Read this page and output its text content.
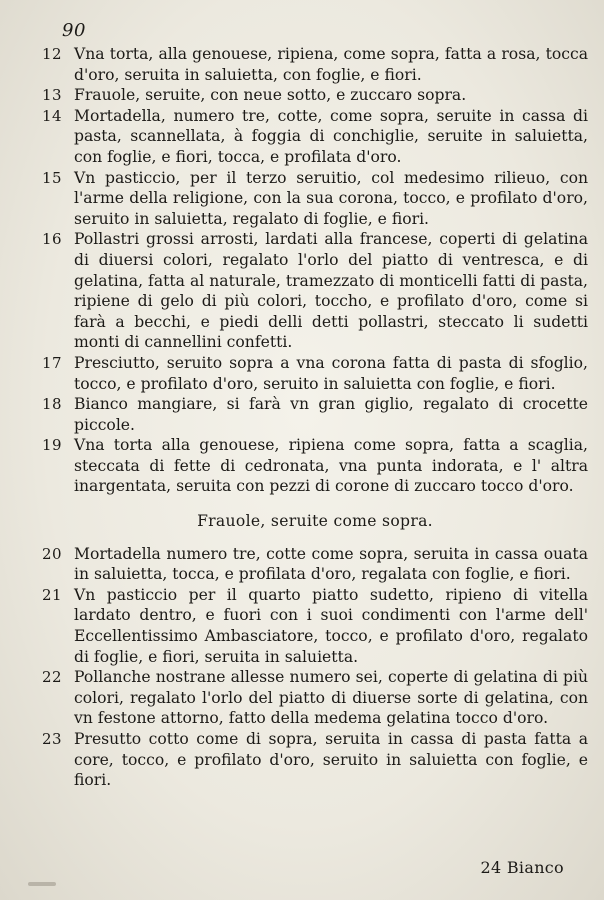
90
12 Vna torta, alla genouese, ripiena, come sopra, fatta a rosa, tocca d'oro, seruita in saluietta, con foglie, e fiori.
13 Frauole, seruite, con neue sotto, e zuccaro sopra.
14 Mortadella, numero tre, cotte, come sopra, seruite in cassa di pasta, scannellata, à foggia di conchiglie, seruite in saluietta, con foglie, e fiori, tocca, e profilata d'oro.
15 Vn pasticcio, per il terzo seruitio, col medesimo rilieuo, con l'arme della religione, con la sua corona, tocco, e profilato d'oro, seruito in saluietta, regalato di foglie, e fiori.
16 Pollastri grossi arrosti, lardati alla francese, coperti di gelatina di diuersi colori, regalato l'orlo del piatto di ventresca, e di gelatina, fatta al naturale, tramezzato di monticelli fatti di pasta, ripiene di gelo di più colori, toccho, e profilato d'oro, come si farà a becchi, e piedi delli detti pollastri, steccato li sudetti monti di cannellini confetti.
17 Presciutto, seruito sopra a vna corona fatta di pasta di sfoglio, tocco, e profilato d'oro, seruito in saluietta con foglie, e fiori.
18 Bianco mangiare, si farà vn gran giglio, regalato di crocette piccole.
19 Vna torta alla genouese, ripiena come sopra, fatta a scaglia, steccata di fette di cedronata, vna punta indorata, e l' altra inargentata, seruita con pezzi di corone di zuccaro tocco d'oro.
Frauole, seruite come sopra.
20 Mortadella numero tre, cotte come sopra, seruita in cassa ouata in saluietta, tocca, e profilata d'oro, regalata con foglie, e fiori.
21 Vn pasticcio per il quarto piatto sudetto, ripieno di vitella lardato dentro, e fuori con i suoi condimenti con l'arme dell' Eccellentissimo Ambasciatore, tocco, e profilato d'oro, regalato di foglie, e fiori, seruita in saluietta.
22 Pollanche nostrane allesse numero sei, coperte di gelatina di più colori, regalato l'orlo del piatto di diuerse sorte di gelatina, con vn festone attorno, fatto della medema gelatina tocco d'oro.
23 Presutto cotto come di sopra, seruita in cassa di pasta fatta a core, tocco, e profilato d'oro, seruito in saluietta con foglie, e fiori.
24 Bianco
